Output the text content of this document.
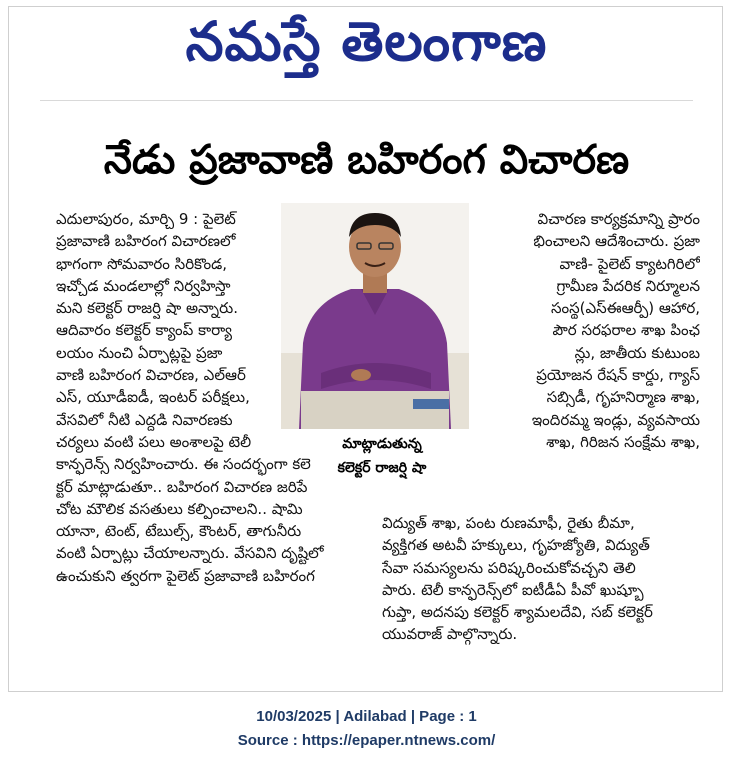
నమస్తే తెలంగాణ
నేడు ప్రజావాణి బహిరంగ విచారణ
ఎదులాపురం, మార్చి 9 : పైలెట్
ప్రజావాణి బహిరంగ విచారణలో
భాగంగా సోమవారం సిరికొండ,
ఇచ్చోడ మండలాల్లో నిర్వహిస్తా
మని కలెక్టర్ రాజర్షి షా అన్నారు.
ఆదివారం కలెక్టర్ క్యాంప్ కార్యా
లయం నుంచి ఏర్పాట్లపై ప్రజా
వాణి బహిరంగ విచారణ, ఎల్ఆర్
ఎస్, యూడీఐడీ, ఇంటర్ పరీక్షలు,
వేసవిలో నీటి ఎద్దడి నివారణకు
చర్యలు వంటి పలు అంశాలపై టెలీ
కాన్ఫరెన్స్ నిర్వహించారు. ఈ సందర్భంగా కలె
క్టర్ మాట్లాడుతూ.. బహిరంగ విచారణ జరిపే
చోట మౌలిక వసతులు కల్పించాలని.. షామి
యానా, టెంట్, టేబుల్స్, కౌంటర్, తాగునీరు
వంటి ఏర్పాట్లు చేయాలన్నారు. వేసవిని దృష్టిలో
ఉంచుకుని త్వరగా పైలెట్ ప్రజావాణి బహిరంగ
మాట్లాడుతున్న
కలెక్టర్ రాజర్షి షా
విచారణ కార్యక్రమాన్ని ప్రారం
భించాలని ఆదేశించారు. ప్రజా
వాణి- పైలెట్ క్యాటగిరిలో
గ్రామీణ పేదరిక నిర్మూలన
సంస్థ(ఎస్ఈఆర్పీ) ఆహార,
పౌర సరఫరాల శాఖ పింఛ
న్లు, జాతీయ కుటుంబ
ప్రయోజన రేషన్ కార్డు, గ్యాస్
సబ్సిడీ, గృహనిర్మాణ శాఖ,
ఇందిరమ్మ ఇండ్లు, వ్యవసాయ
శాఖ, గిరిజన సంక్షేమ శాఖ,
విద్యుత్ శాఖ, పంట రుణమాఫీ, రైతు బీమా,
వ్యక్తిగత అటవీ హక్కులు, గృహజ్యోతి, విద్యుత్
సేవా సమస్యలను పరిష్కరించుకోవచ్చని తెలి
పారు. టెలీ కాన్ఫరెన్స్‌లో ఐటీడీఏ పీవో ఖుష్బూ
గుప్తా, అదనపు కలెక్టర్ శ్యామలదేవి, సబ్ కలెక్టర్
యువరాజ్ పాల్గొన్నారు.
10/03/2025 | Adilabad | Page : 1
Source : https://epaper.ntnews.com/
